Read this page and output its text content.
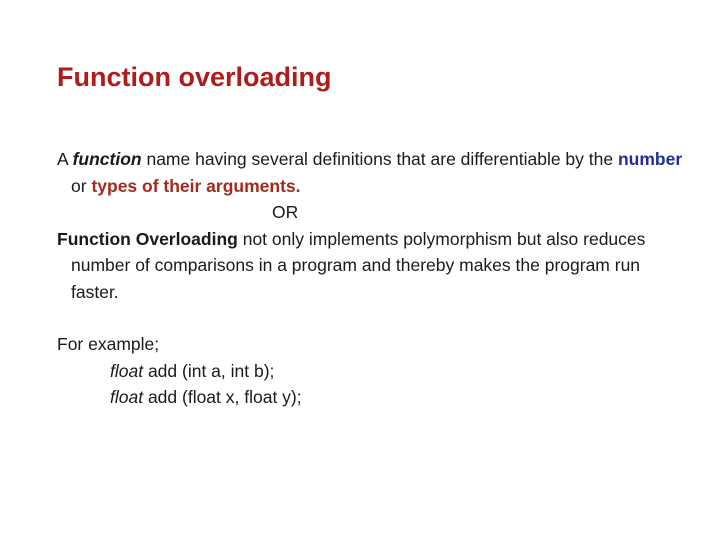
Function overloading

A function name having several definitions that are differentiable by the number or types of their arguments.

OR

Function Overloading not only implements polymorphism but also reduces number of comparisons in a program and thereby makes the program run faster.

For example;

float add (int a, int b);

float add (float x, float y);
